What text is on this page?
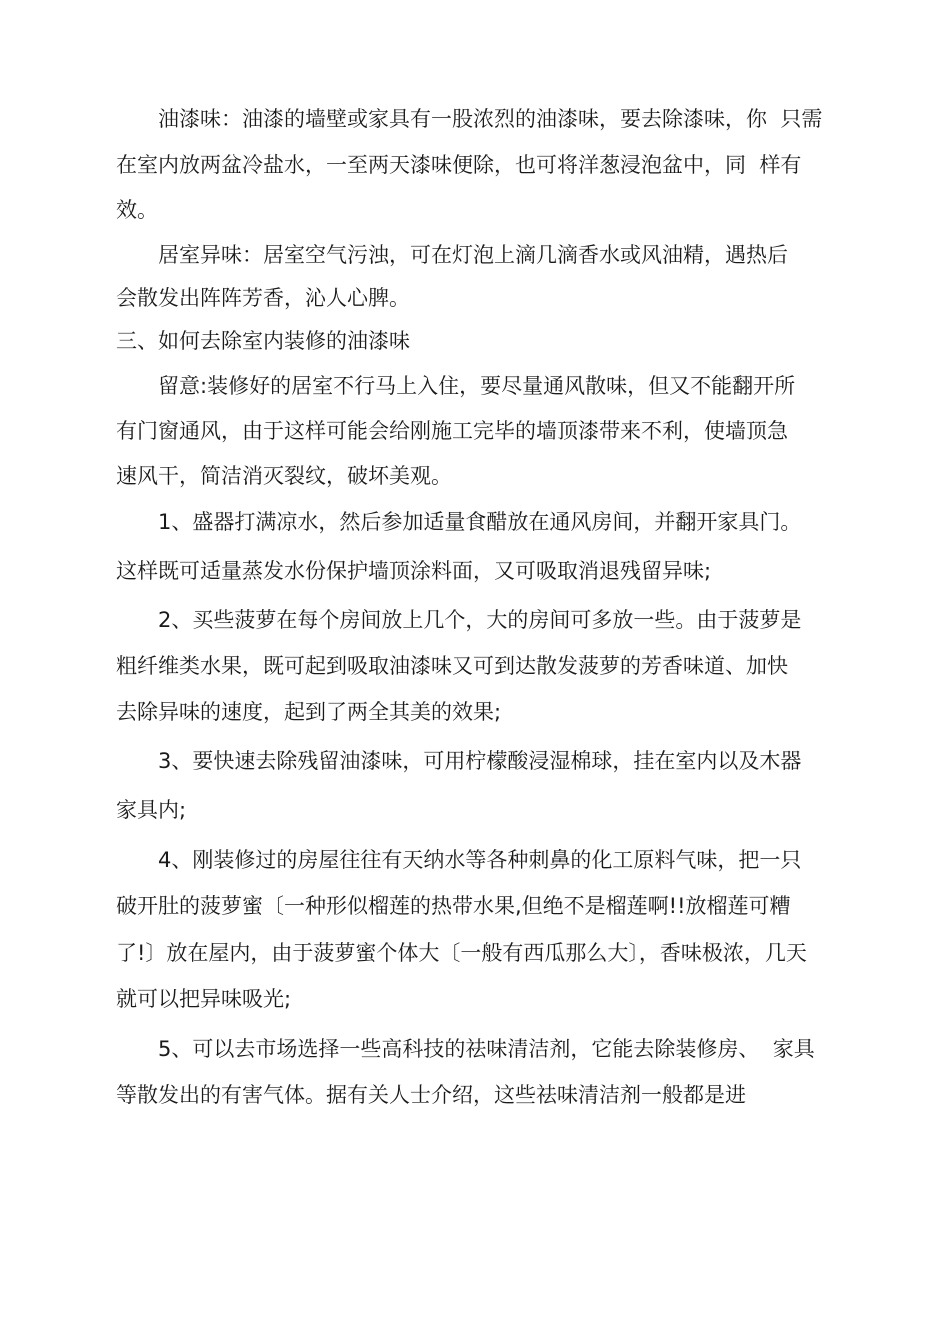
油漆味：油漆的墙壁或家具有一股浓烈的油漆味，要去除漆味，你  只需
在室内放两盆冷盐水，一至两天漆味便除，也可将洋葱浸泡盆中，同  样有
效。
居室异味：居室空气污浊，可在灯泡上滴几滴香水或风油精，遇热后
会散发出阵阵芳香，沁人心脾。
三、如何去除室内装修的油漆味
留意:装修好的居室不行马上入住，要尽量通风散味，但又不能翻开所
有门窗通风，由于这样可能会给刚施工完毕的墙顶漆带来不利，使墙顶急
速风干，简洁消灭裂纹，破坏美观。
1、盛器打满凉水，然后参加适量食醋放在通风房间，并翻开家具门。
这样既可适量蒸发水份保护墙顶涂料面，又可吸取消退残留异味;
2、买些菠萝在每个房间放上几个，大的房间可多放一些。由于菠萝是
粗纤维类水果，既可起到吸取油漆味又可到达散发菠萝的芳香味道、加快
去除异味的速度，起到了两全其美的效果;
3、要快速去除残留油漆味，可用柠檬酸浸湿棉球，挂在室内以及木器
家具内;
4、刚装修过的房屋往往有天纳水等各种刺鼻的化工原料气味，把一只
破开肚的菠萝蜜〔一种形似榴莲的热带水果,但绝不是榴莲啊!!放榴莲可糟
了!〕放在屋内，由于菠萝蜜个体大〔一般有西瓜那么大〕，香味极浓，几天
就可以把异味吸光;
5、可以去市场选择一些高科技的祛味清洁剂，它能去除装修房、  家具
等散发出的有害气体。据有关人士介绍，这些祛味清洁剂一般都是进
